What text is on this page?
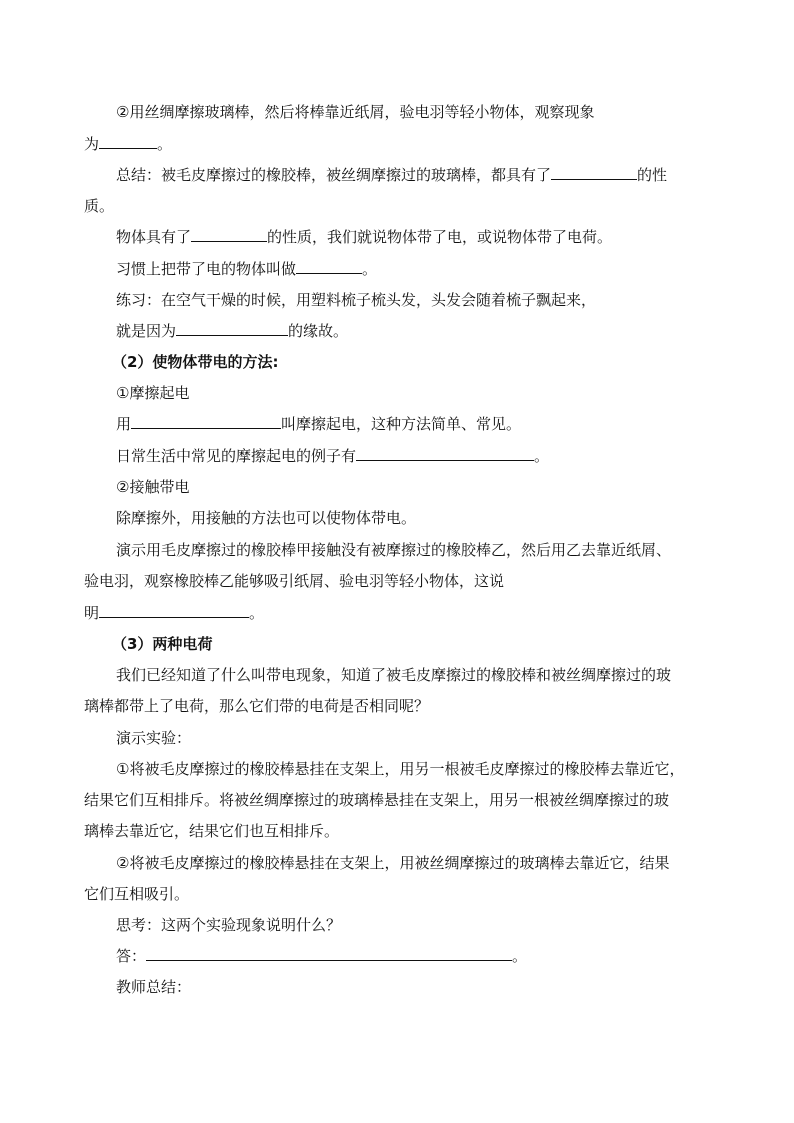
②用丝绸摩擦玻璃棒，然后将棒靠近纸屑，验电羽等轻小物体，观察现象
为	。
总结：被毛皮摩擦过的橡胶棒，被丝绸摩擦过的玻璃棒，都具有了	的性
质。
物体具有了	的性质，我们就说物体带了电，或说物体带了电荷。
习惯上把带了电的物体叫做	。
练习：在空气干燥的时候，用塑料梳子梳头发，头发会随着梳子飘起来，
就是因为	的缘故。
（2）使物体带电的方法:
①摩擦起电
用	叫摩擦起电，这种方法简单、常见。
日常生活中常见的摩擦起电的例子有	。
②接触带电
除摩擦外，用接触的方法也可以使物体带电。
演示用毛皮摩擦过的橡胶棒甲接触没有被摩擦过的橡胶棒乙，然后用乙去靠近纸屑、
验电羽，观察橡胶棒乙能够吸引纸屑、验电羽等轻小物体，这说
明	。
（3）两种电荷
我们已经知道了什么叫带电现象，知道了被毛皮摩擦过的橡胶棒和被丝绸摩擦过的玻
璃棒都带上了电荷，那么它们带的电荷是否相同呢？
演示实验：
①将被毛皮摩擦过的橡胶棒悬挂在支架上，用另一根被毛皮摩擦过的橡胶棒去靠近它，
结果它们互相排斥。将被丝绸摩擦过的玻璃棒悬挂在支架上，用另一根被丝绸摩擦过的玻
璃棒去靠近它，结果它们也互相排斥。
②将被毛皮摩擦过的橡胶棒悬挂在支架上，用被丝绸摩擦过的玻璃棒去靠近它，结果
它们互相吸引。
思考：这两个实验现象说明什么？
答：	。
教师总结：
